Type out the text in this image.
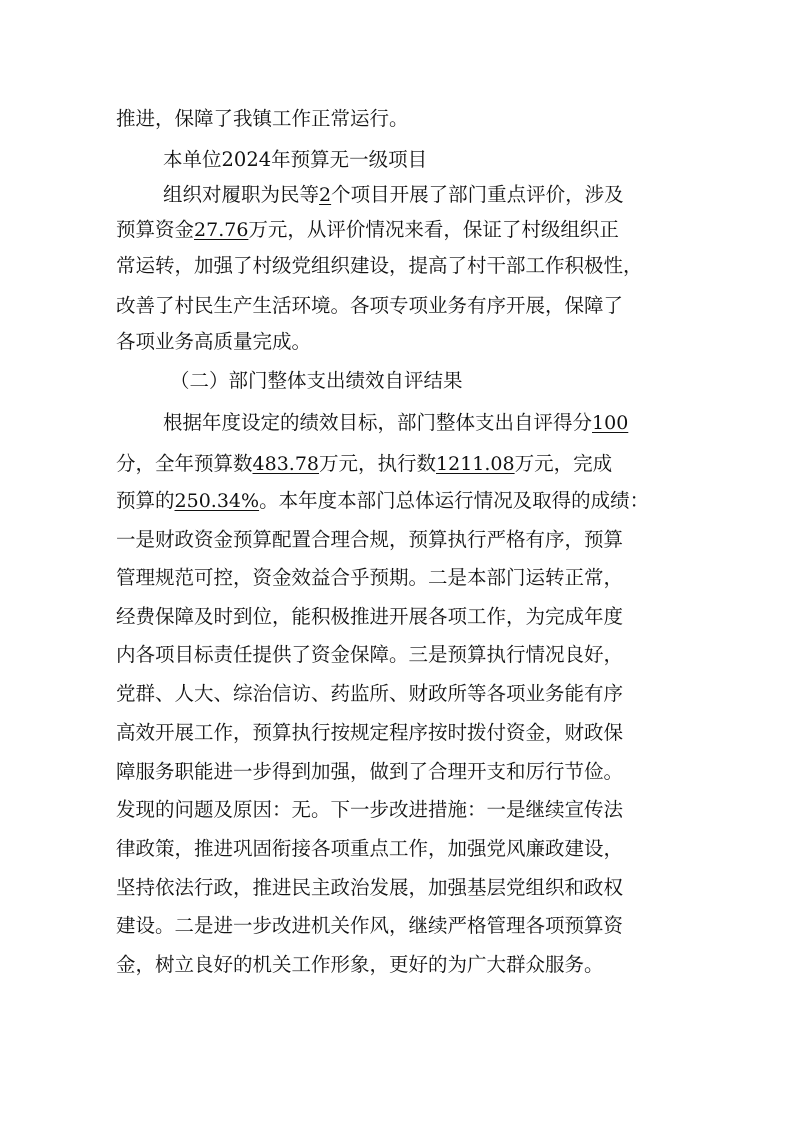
推进，保障了我镇工作正常运行。
本单位2024年预算无一级项目
组织对履职为民等2个项目开展了部门重点评价，涉及
预算资金27.76万元，从评价情况来看，保证了村级组织正
常运转，加强了村级党组织建设，提高了村干部工作积极性，
改善了村民生产生活环境。各项专项业务有序开展，保障了
各项业务高质量完成。
（二）部门整体支出绩效自评结果
根据年度设定的绩效目标，部门整体支出自评得分100
分，全年预算数483.78万元，执行数1211.08万元，完成
预算的250.34%。本年度本部门总体运行情况及取得的成绩：
一是财政资金预算配置合理合规，预算执行严格有序，预算
管理规范可控，资金效益合乎预期。二是本部门运转正常，
经费保障及时到位，能积极推进开展各项工作，为完成年度
内各项目标责任提供了资金保障。三是预算执行情况良好，
党群、人大、综治信访、药监所、财政所等各项业务能有序
高效开展工作，预算执行按规定程序按时拨付资金，财政保
障服务职能进一步得到加强，做到了合理开支和厉行节俭。
发现的问题及原因：无。下一步改进措施：一是继续宣传法
律政策，推进巩固衔接各项重点工作，加强党风廉政建设，
坚持依法行政，推进民主政治发展，加强基层党组织和政权
建设。二是进一步改进机关作风，继续严格管理各项预算资
金，树立良好的机关工作形象，更好的为广大群众服务。
